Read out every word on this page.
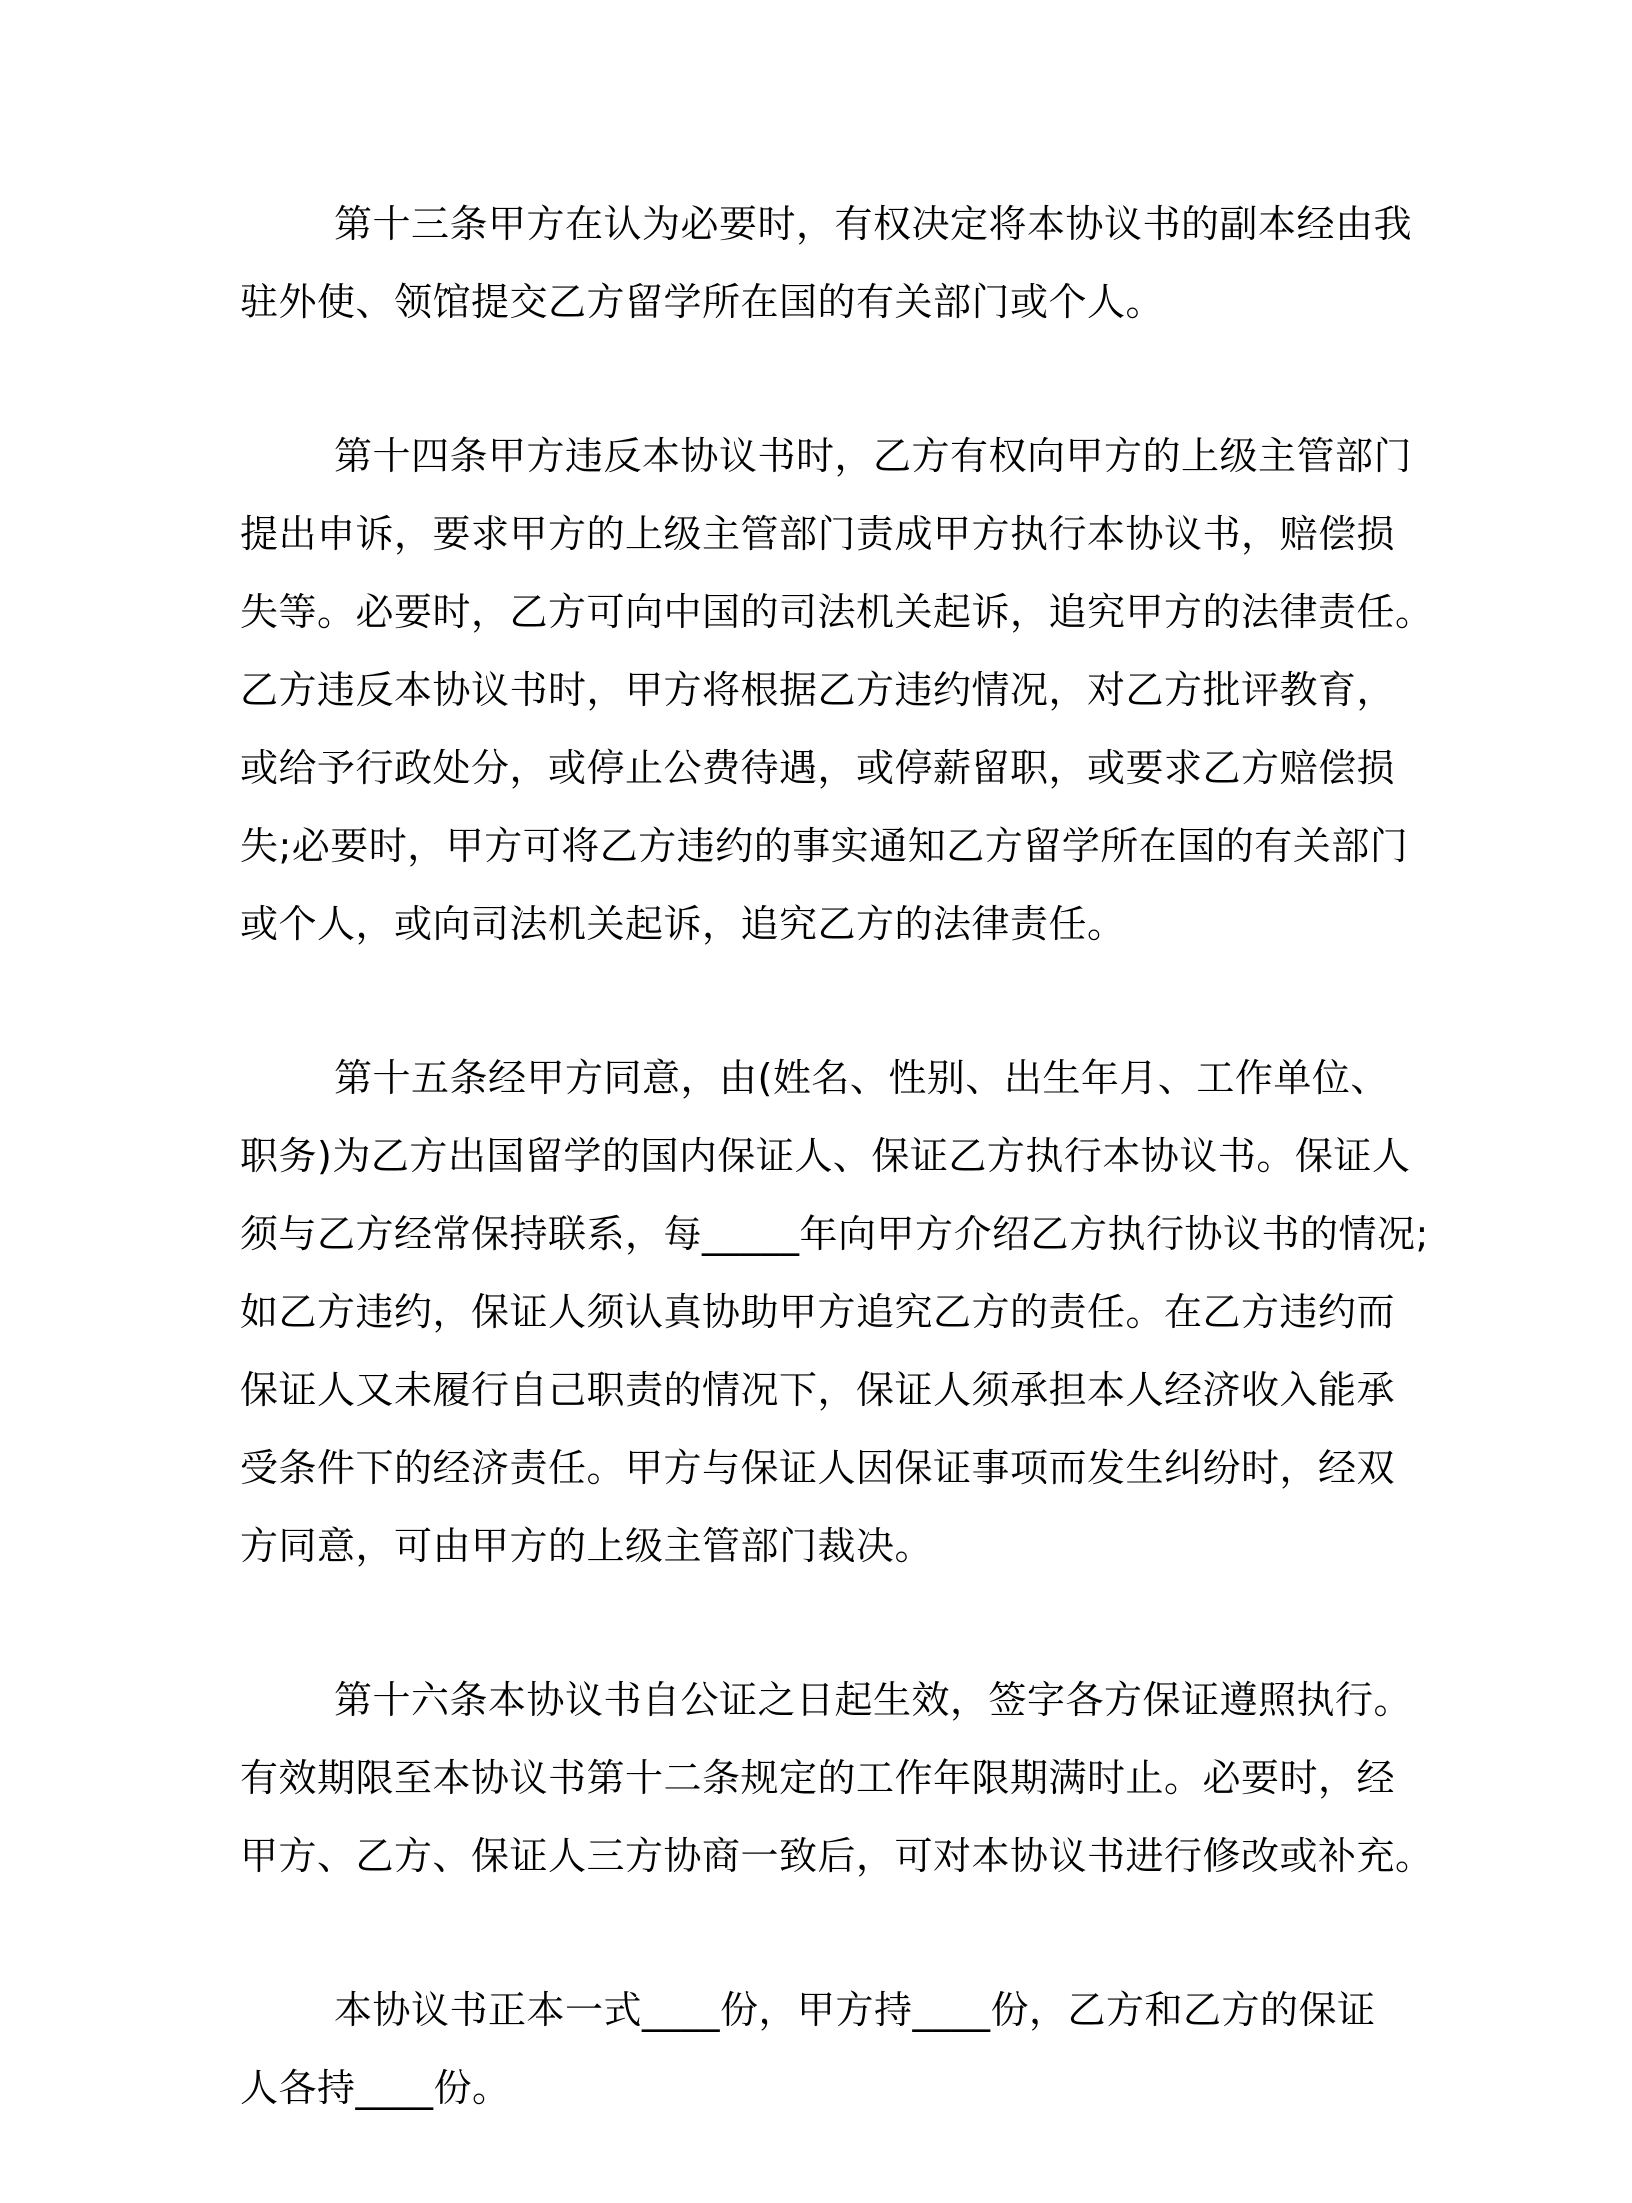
第十三条甲方在认为必要时，有权决定将本协议书的副本经由我
驻外使、领馆提交乙方留学所在国的有关部门或个人。

第十四条甲方违反本协议书时，乙方有权向甲方的上级主管部门
提出申诉，要求甲方的上级主管部门责成甲方执行本协议书，赔偿损
失等。必要时，乙方可向中国的司法机关起诉，追究甲方的法律责任。
乙方违反本协议书时，甲方将根据乙方违约情况，对乙方批评教育，
或给予行政处分，或停止公费待遇，或停薪留职，或要求乙方赔偿损
失;必要时，甲方可将乙方违约的事实通知乙方留学所在国的有关部门
或个人，或向司法机关起诉，追究乙方的法律责任。

第十五条经甲方同意，由(姓名、性别、出生年月、工作单位、
职务)为乙方出国留学的国内保证人、保证乙方执行本协议书。保证人
须与乙方经常保持联系，每_____年向甲方介绍乙方执行协议书的情况;
如乙方违约，保证人须认真协助甲方追究乙方的责任。在乙方违约而
保证人又未履行自己职责的情况下，保证人须承担本人经济收入能承
受条件下的经济责任。甲方与保证人因保证事项而发生纠纷时，经双
方同意，可由甲方的上级主管部门裁决。

第十六条本协议书自公证之日起生效，签字各方保证遵照执行。
有效期限至本协议书第十二条规定的工作年限期满时止。必要时，经
甲方、乙方、保证人三方协商一致后，可对本协议书进行修改或补充。

本协议书正本一式____份，甲方持____份，乙方和乙方的保证
人各持____份。
